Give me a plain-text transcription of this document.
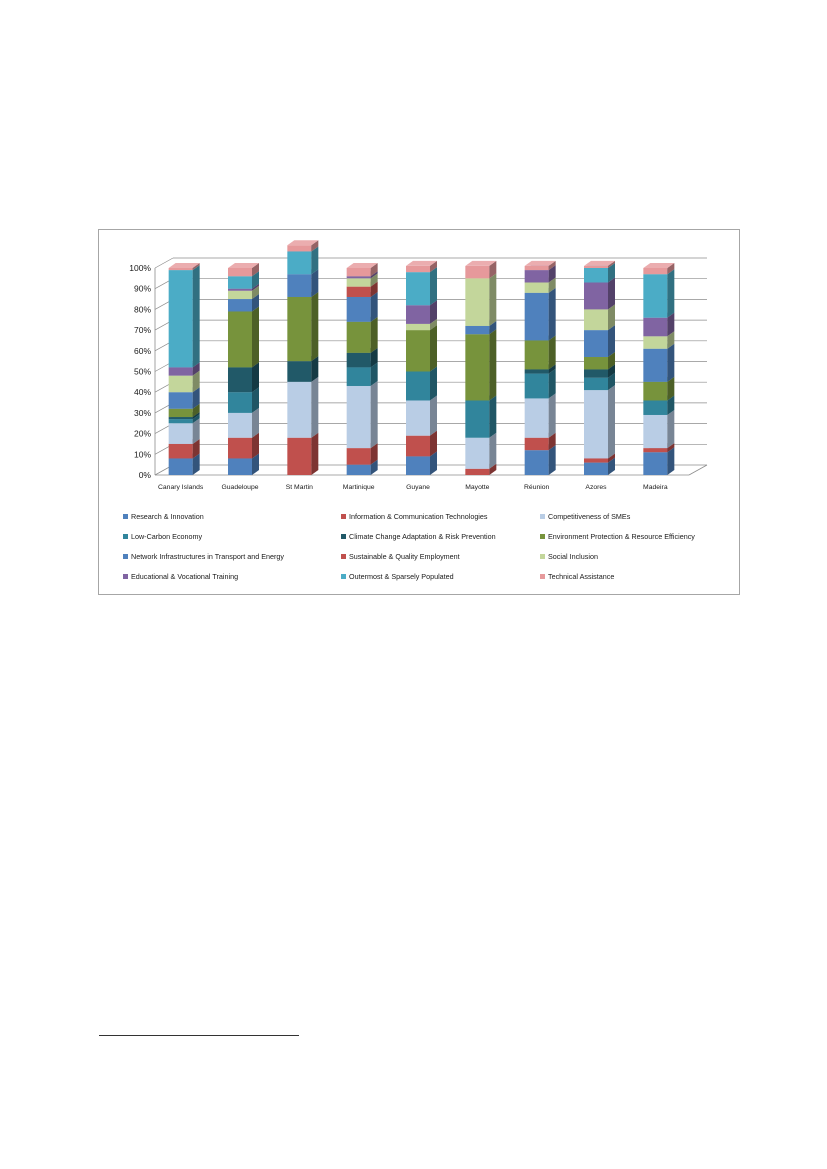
0%
10%
20%
30%
40%
50%
60%
70%
80%
90%
100%
Canary Islands	Guadeloupe	St Martin	Martinique	Guyane	Mayotte	Réunion	Azores	Madeira
Research & Innovation	Information & Communication Technologies	Competitiveness of SMEs
Low-Carbon Economy	Climate Change Adaptation & Risk Prevention	Environment Protection & Resource Efficiency
Network Infrastructures in Transport and Energy	Sustainable & Quality Employment	Social Inclusion
Educational & Vocational Training	Outermost & Sparsely Populated	Technical Assistance
